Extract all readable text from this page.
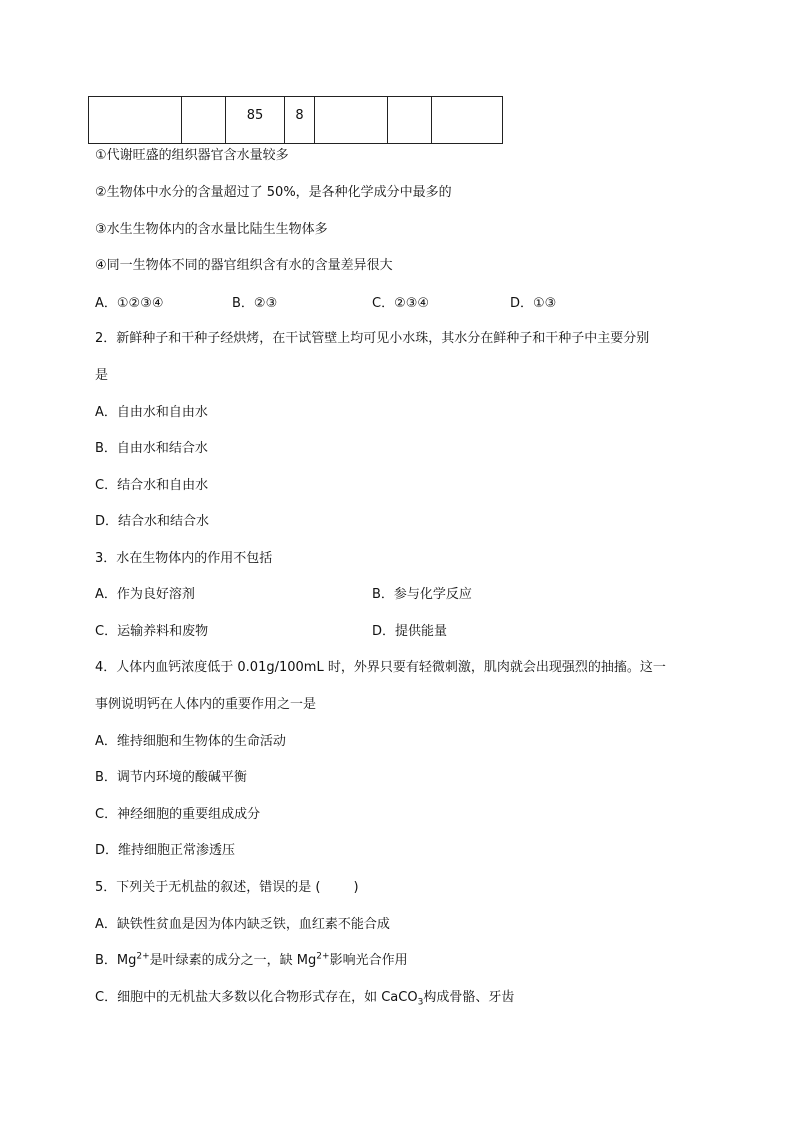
85	8

①代谢旺盛的组织器官含水量较多
②生物体中水分的含量超过了 50%，是各种化学成分中最多的
③水生生物体内的含水量比陆生生物体多
④同一生物体不同的器官组织含有水的含量差异很大
A．①②③④	B．②③	C．②③④	D．①③
2．新鲜种子和干种子经烘烤，在干试管壁上均可见小水珠，其水分在鲜种子和干种子中主要分别
是
A．自由水和自由水
B．自由水和结合水
C．结合水和自由水
D．结合水和结合水
3．水在生物体内的作用不包括
A．作为良好溶剂	B．参与化学反应
C．运输养料和废物	D．提供能量
4．人体内血钙浓度低于 0.01g/100mL 时，外界只要有轻微刺激，肌肉就会出现强烈的抽搐。这一
事例说明钙在人体内的重要作用之一是
A．维持细胞和生物体的生命活动
B．调节内环境的酸碱平衡
C．神经细胞的重要组成成分
D．维持细胞正常渗透压
5．下列关于无机盐的叙述，错误的是 (        )
A．缺铁性贫血是因为体内缺乏铁，血红素不能合成
B．$Mg^{2+}$是叶绿素的成分之一，缺 $Mg^{2+}$影响光合作用
C．细胞中的无机盐大多数以化合物形式存在，如 CaCO$_3$构成骨骼、牙齿
